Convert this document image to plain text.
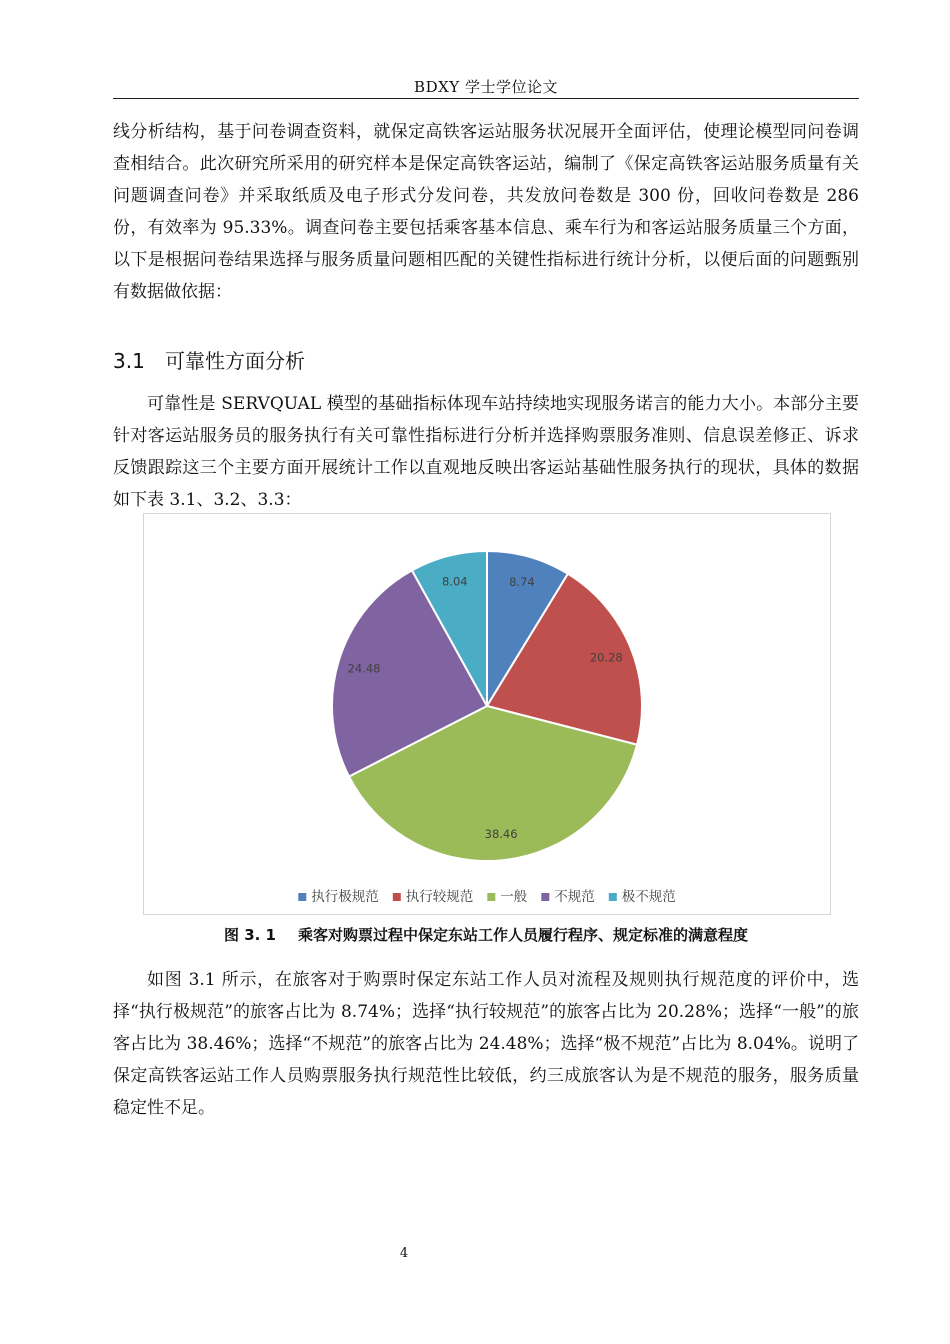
BDXY 学士学位论文

线分析结构，基于问卷调查资料，就保定高铁客运站服务状况展开全面评估，使理论模型同问卷调查相结合。此次研究所采用的研究样本是保定高铁客运站，编制了《保定高铁客运站服务质量有关问题调查问卷》并采取纸质及电子形式分发问卷，共发放问卷数是 300 份，回收问卷数是 286 份，有效率为 95.33%。调查问卷主要包括乘客基本信息、乘车行为和客运站服务质量三个方面，以下是根据问卷结果选择与服务质量问题相匹配的关键性指标进行统计分析，以便后面的问题甄别有数据做依据：

3.1 可靠性方面分析

可靠性是 SERVQUAL 模型的基础指标体现车站持续地实现服务诺言的能力大小。本部分主要针对客运站服务员的服务执行有关可靠性指标进行分析并选择购票服务准则、信息误差修正、诉求反馈跟踪这三个主要方面开展统计工作以直观地反映出客运站基础性服务执行的现状，具体的数据如下表 3.1、3.2、3.3：

8.74
20.28
38.46
24.48
8.04
执行极规范 执行较规范 一般 不规范 极不规范
图 3. 1 乘客对购票过程中保定东站工作人员履行程序、规定标准的满意程度

如图 3.1 所示，在旅客对于购票时保定东站工作人员对流程及规则执行规范度的评价中，选择“执行极规范”的旅客占比为 8.74%；选择“执行较规范”的旅客占比为 20.28%；选择“一般”的旅客占比为 38.46%；选择“不规范”的旅客占比为 24.48%；选择“极不规范”占比为 8.04%。说明了保定高铁客运站工作人员购票服务执行规范性比较低，约三成旅客认为是不规范的服务，服务质量稳定性不足。

4
